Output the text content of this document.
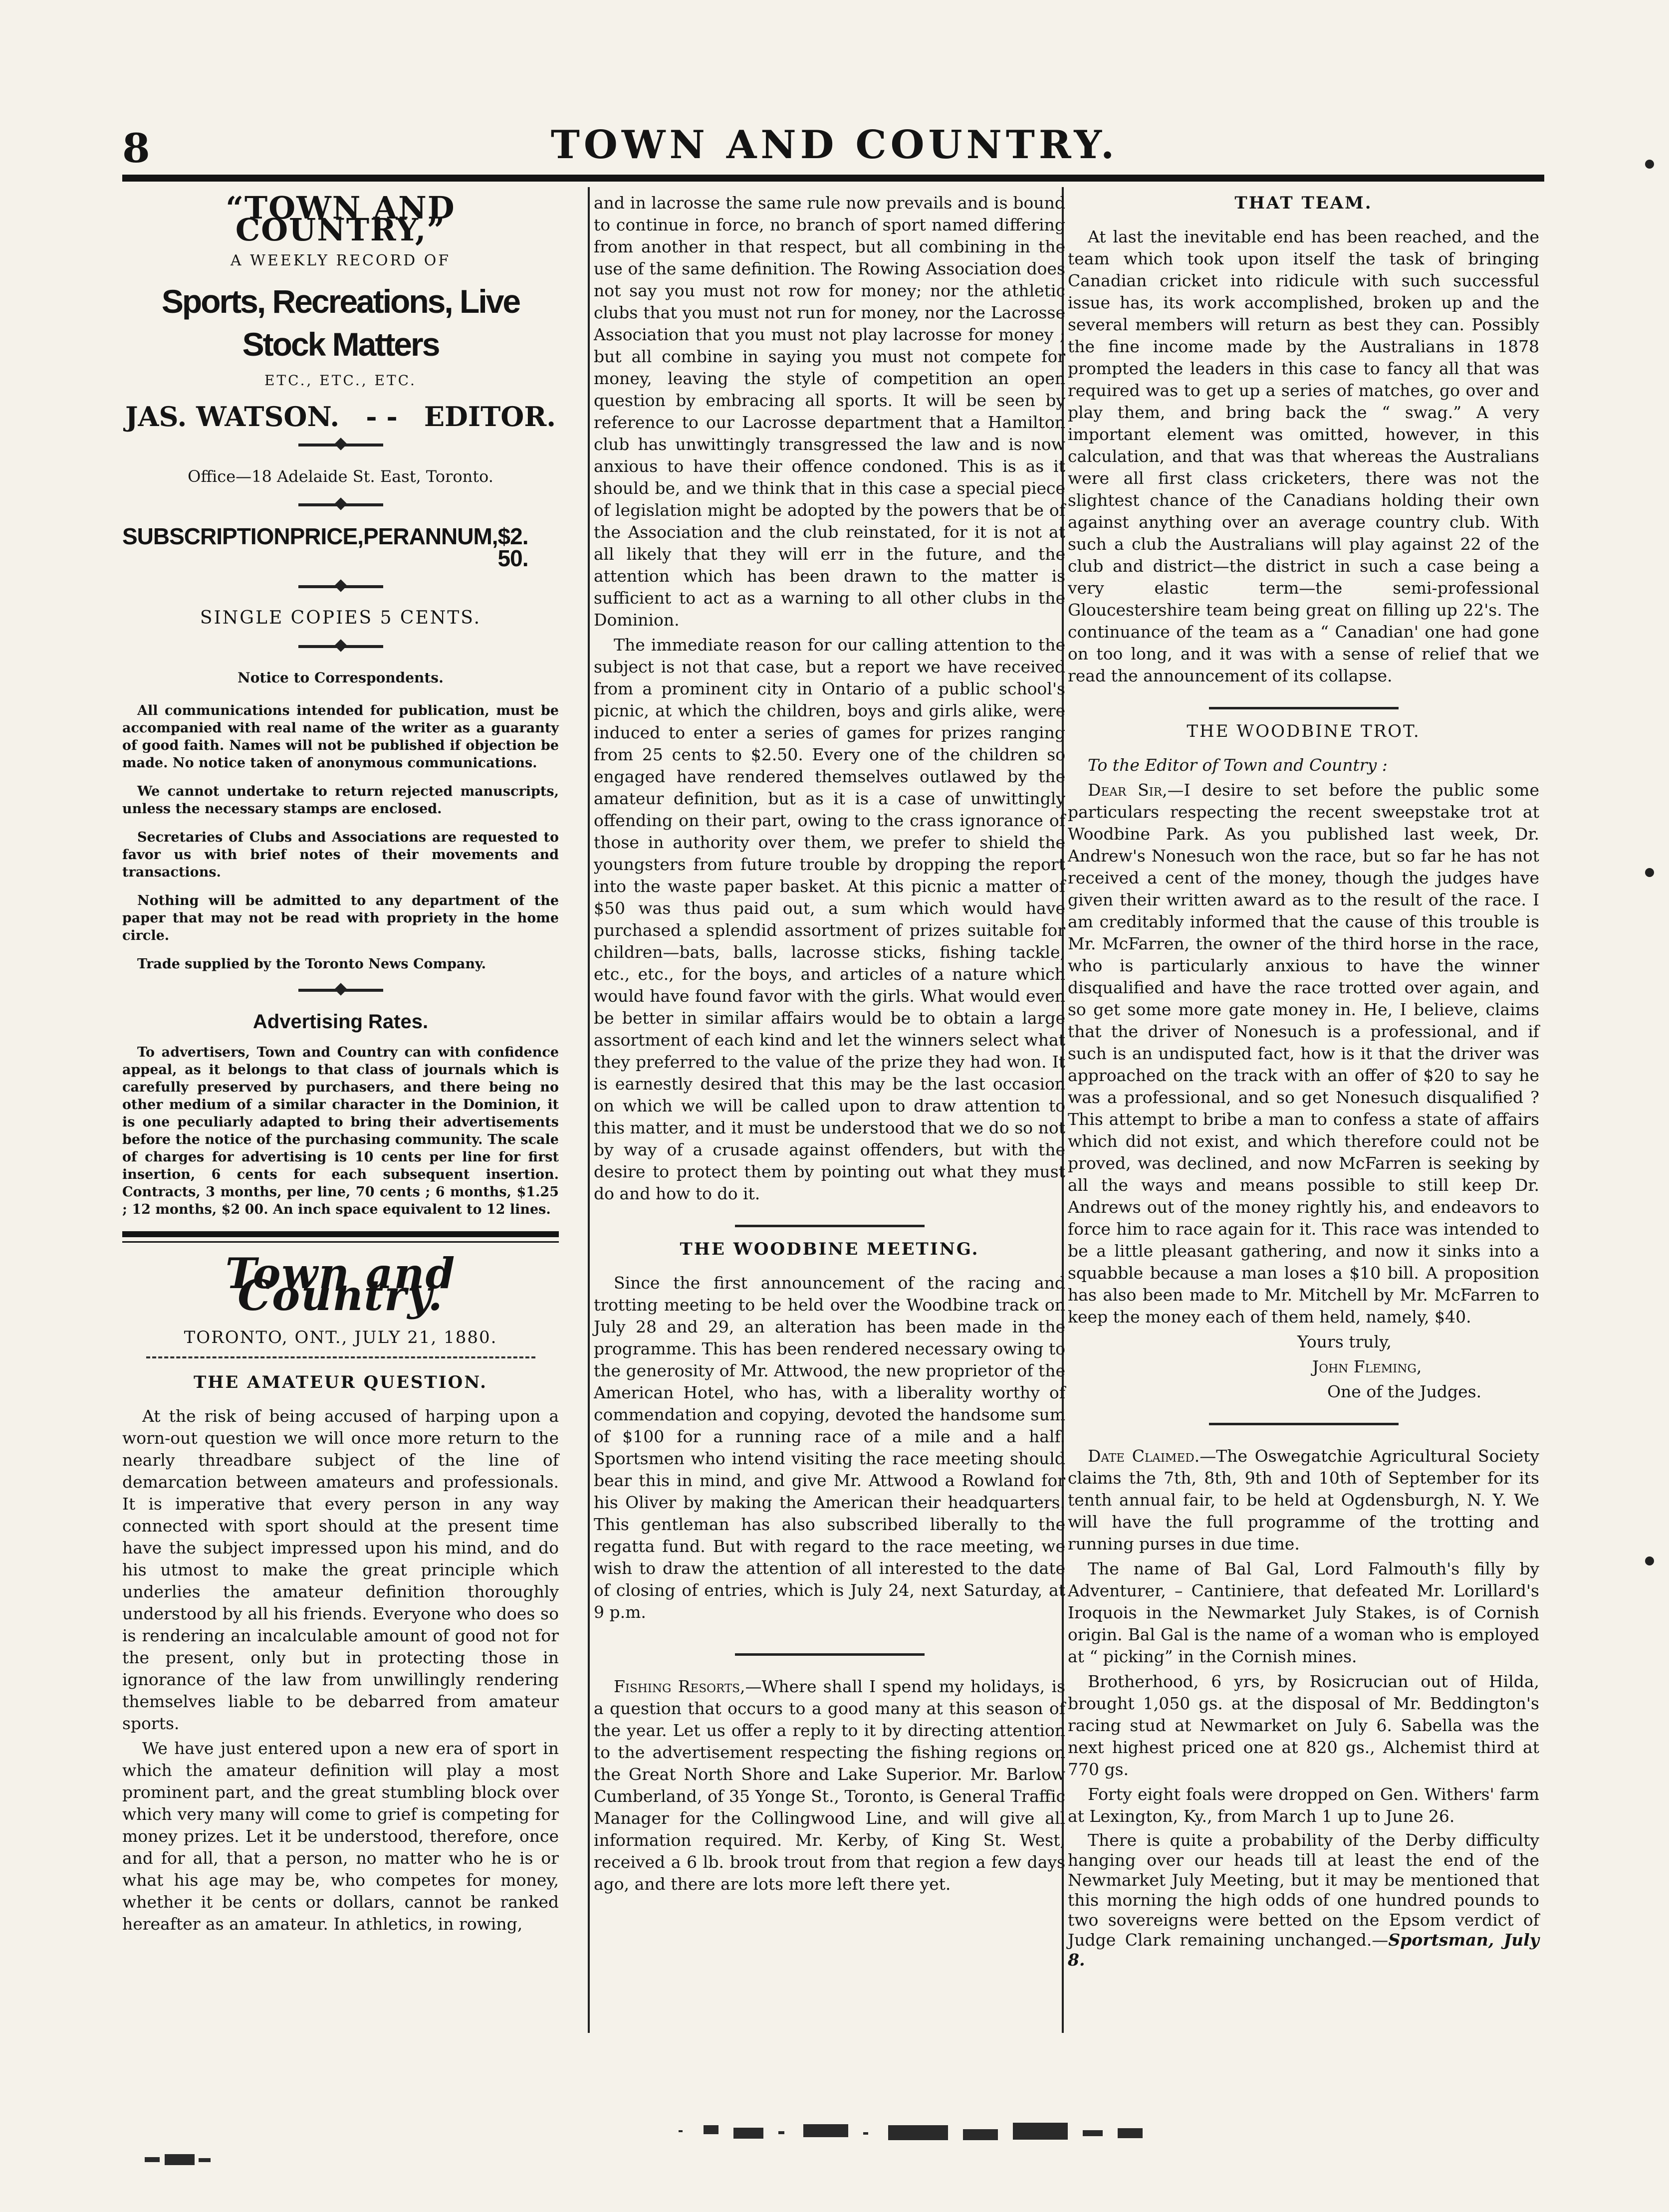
8	TOWN AND COUNTRY.
“TOWN AND COUNTRY,”
A WEEKLY RECORD OF
Sports, Recreations, Live Stock Matters
ETC., ETC., ETC.
JAS. WATSON. - - EDITOR.
Office—18 Adelaide St. East, Toronto.
SUBSCRIPTION PRICE, PER ANNUM, $2. 50.
SINGLE COPIES 5 CENTS.
Notice to Correspondents.

All communications intended for publication, must be accompanied with real name of the writer as a guaranty of good faith. Names will not be published if objection be made. No notice taken of anonymous communications.

We cannot undertake to return rejected manuscripts, unless the necessary stamps are enclosed.

Secretaries of Clubs and Associations are requested to favor us with brief notes of their movements and transactions.

Nothing will be admitted to any department of the paper that may not be read with propriety in the home circle.

Trade supplied by the Toronto News Company.

Advertising Rates.

To advertisers, Town and Country can with confidence appeal, as it belongs to that class of journals which is carefully preserved by purchasers, and there being no other medium of a similar character in the Dominion, it is one peculiarly adapted to bring their advertisements before the notice of the purchasing community. The scale of charges for advertising is 10 cents per line for first insertion, 6 cents for each subsequent insertion. Contracts, 3 months, per line, 70 cents ; 6 months, $1.25 ; 12 months, $2 00. An inch space equivalent to 12 lines.

Town and Country.
TORONTO, ONT., JULY 21, 1880.
THE AMATEUR QUESTION.

At the risk of being accused of harping upon a worn-out question we will once more return to the nearly threadbare subject of the line of demarcation between amateurs and professionals. It is imperative that every person in any way connected with sport should at the present time have the subject impressed upon his mind, and do his utmost to make the great principle which underlies the amateur definition thoroughly understood by all his friends. Everyone who does so is rendering an incalculable amount of good not for the present, only but in protecting those in ignorance of the law from unwillingly rendering themselves liable to be debarred from amateur sports.

We have just entered upon a new era of sport in which the amateur definition will play a most prominent part, and the great stumbling block over which very many will come to grief is competing for money prizes. Let it be understood, therefore, once and for all, that a person, no matter who he is or what his age may be, who competes for money, whether it be cents or dollars, cannot be ranked hereafter as an amateur. In athletics, in rowing,

and in lacrosse the same rule now prevails and is bound to continue in force, no branch of sport named differing from another in that respect, but all combining in the use of the same definition. The Rowing Association does not say you must not row for money; nor the athletic clubs that you must not run for money, nor the Lacrosse Association that you must not play lacrosse for money ; but all combine in saying you must not compete for money, leaving the style of competition an open question by embracing all sports. It will be seen by reference to our Lacrosse department that a Hamilton club has unwittingly transgressed the law and is now anxious to have their offence condoned. This is as it should be, and we think that in this case a special piece of legislation might be adopted by the powers that be of the Association and the club reinstated, for it is not at all likely that they will err in the future, and the attention which has been drawn to the matter is sufficient to act as a warning to all other clubs in the Dominion.

The immediate reason for our calling attention to the subject is not that case, but a report we have received from a prominent city in Ontario of a public school's picnic, at which the children, boys and girls alike, were induced to enter a series of games for prizes ranging from 25 cents to $2.50. Every one of the children so engaged have rendered themselves outlawed by the amateur definition, but as it is a case of unwittingly offending on their part, owing to the crass ignorance of those in authority over them, we prefer to shield the youngsters from future trouble by dropping the report into the waste paper basket. At this picnic a matter of $50 was thus paid out, a sum which would have purchased a splendid assortment of prizes suitable for children—bats, balls, lacrosse sticks, fishing tackle, etc., etc., for the boys, and articles of a nature which would have found favor with the girls. What would even be better in similar affairs would be to obtain a large assortment of each kind and let the winners select what they preferred to the value of the prize they had won. It is earnestly desired that this may be the last occasion on which we will be called upon to draw attention to this matter, and it must be understood that we do so not by way of a crusade against offenders, but with the desire to protect them by pointing out what they must do and how to do it.

THE WOODBINE MEETING.

Since the first announcement of the racing and trotting meeting to be held over the Woodbine track on July 28 and 29, an alteration has been made in the programme. This has been rendered necessary owing to the generosity of Mr. Attwood, the new proprietor of the American Hotel, who has, with a liberality worthy of commendation and copying, devoted the handsome sum of $100 for a running race of a mile and a half. Sportsmen who intend visiting the race meeting should bear this in mind, and give Mr. Attwood a Rowland for his Oliver by making the American their headquarters. This gentleman has also subscribed liberally to the regatta fund. But with regard to the race meeting, we wish to draw the attention of all interested to the date of closing of entries, which is July 24, next Saturday, at 9 p.m.

Fishing Resorts,—Where shall I spend my holidays, is a question that occurs to a good many at this season of the year. Let us offer a reply to it by directing attention to the advertisement respecting the fishing regions on the Great North Shore and Lake Superior. Mr. Barlow Cumberland, of 35 Yonge St., Toronto, is General Traffic Manager for the Collingwood Line, and will give all information required. Mr. Kerby, of King St. West, received a 6 lb. brook trout from that region a few days ago, and there are lots more left there yet.

THAT TEAM.

At last the inevitable end has been reached, and the team which took upon itself the task of bringing Canadian cricket into ridicule with such successful issue has, its work accomplished, broken up and the several members will return as best they can. Possibly the fine income made by the Australians in 1878 prompted the leaders in this case to fancy all that was required was to get up a series of matches, go over and play them, and bring back the “ swag.” A very important element was omitted, however, in this calculation, and that was that whereas the Australians were all first class cricketers, there was not the slightest chance of the Canadians holding their own against anything over an average country club. With such a club the Australians will play against 22 of the club and district—the district in such a case being a very elastic term—the semi-professional Gloucestershire team being great on filling up 22's. The continuance of the team as a “ Canadian' one had gone on too long, and it was with a sense of relief that we read the announcement of its collapse.

THE WOODBINE TROT.

To the Editor of Town and Country :

Dear Sir,—I desire to set before the public some particulars respecting the recent sweepstake trot at Woodbine Park. As you published last week, Dr. Andrew's Nonesuch won the race, but so far he has not received a cent of the money, though the judges have given their written award as to the result of the race. I am creditably informed that the cause of this trouble is Mr. McFarren, the owner of the third horse in the race, who is particularly anxious to have the winner disqualified and have the race trotted over again, and so get some more gate money in. He, I believe, claims that the driver of Nonesuch is a professional, and if such is an undisputed fact, how is it that the driver was approached on the track with an offer of $20 to say he was a professional, and so get Nonesuch disqualified ? This attempt to bribe a man to confess a state of affairs which did not exist, and which therefore could not be proved, was declined, and now McFarren is seeking by all the ways and means possible to still keep Dr. Andrews out of the money rightly his, and endeavors to force him to race again for it. This race was intended to be a little pleasant gathering, and now it sinks into a squabble because a man loses a $10 bill. A proposition has also been made to Mr. Mitchell by Mr. McFarren to keep the money each of them held, namely, $40.

Yours truly,

John Fleming,

One of the Judges.

Date Claimed.—The Oswegatchie Agricultural Society claims the 7th, 8th, 9th and 10th of September for its tenth annual fair, to be held at Ogdensburgh, N. Y. We will have the full programme of the trotting and running purses in due time.

The name of Bal Gal, Lord Falmouth's filly by Adventurer, – Cantiniere, that defeated Mr. Lorillard's Iroquois in the Newmarket July Stakes, is of Cornish origin. Bal Gal is the name of a woman who is employed at “ picking” in the Cornish mines.

Brotherhood, 6 yrs, by Rosicrucian out of Hilda, brought 1,050 gs. at the disposal of Mr. Beddington's racing stud at Newmarket on July 6. Sabella was the next highest priced one at 820 gs., Alchemist third at 770 gs.

Forty eight foals were dropped on Gen. Withers' farm at Lexington, Ky., from March 1 up to June 26.

There is quite a probability of the Derby difficulty hanging over our heads till at least the end of the Newmarket July Meeting, but it may be mentioned that this morning the high odds of one hundred pounds to two sovereigns were betted on the Epsom verdict of Judge Clark remaining unchanged.—Sportsman, July 8.
